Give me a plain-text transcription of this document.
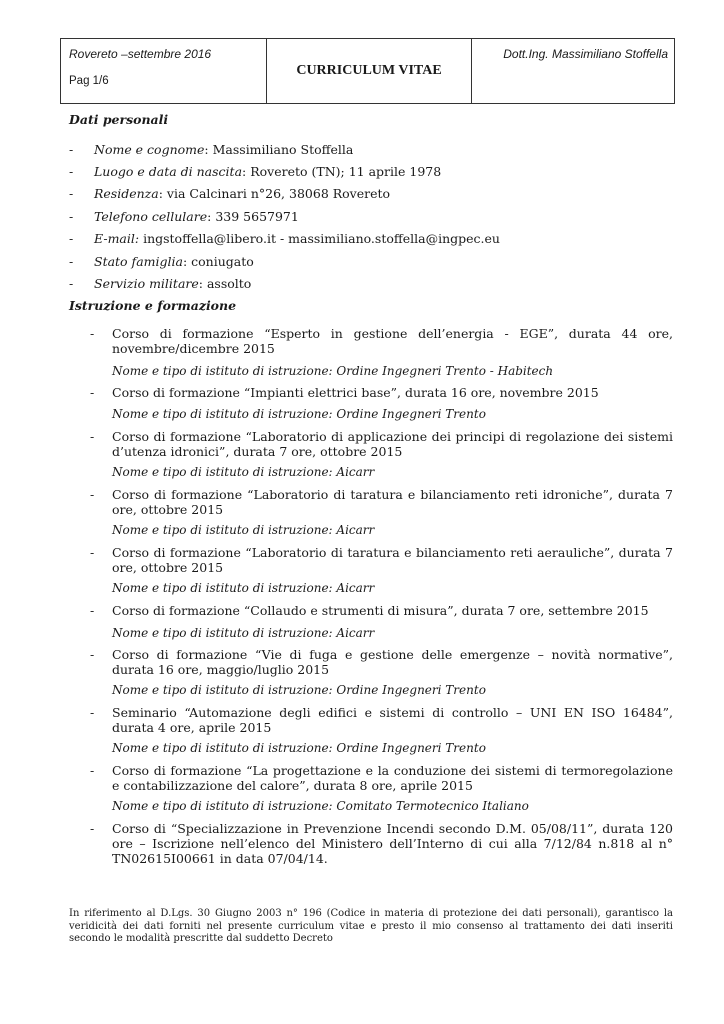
Rovereto –settembre 2016
Pag 1/6
CURRICULUM VITAE
Dott.Ing. Massimiliano Stoffella
Dati personali
- Nome e cognome: Massimiliano Stoffella
- Luogo e data di nascita: Rovereto (TN); 11 aprile 1978
- Residenza: via Calcinari n°26, 38068 Rovereto
- Telefono cellulare: 339 5657971
- E-mail: ingstoffella@libero.it - massimiliano.stoffella@ingpec.eu
- Stato famiglia: coniugato
- Servizio militare: assolto
Istruzione e formazione
- Corso di formazione “Esperto in gestione dell’energia - EGE”, durata 44 ore, novembre/dicembre 2015
Nome e tipo di istituto di istruzione: Ordine Ingegneri Trento - Habitech
- Corso di formazione “Impianti elettrici base”, durata 16 ore, novembre 2015
Nome e tipo di istituto di istruzione: Ordine Ingegneri Trento
- Corso di formazione “Laboratorio di applicazione dei principi di regolazione dei sistemi d’utenza idronici”, durata 7 ore, ottobre 2015
Nome e tipo di istituto di istruzione: Aicarr
- Corso di formazione “Laboratorio di taratura e bilanciamento reti idroniche”, durata 7 ore, ottobre 2015
Nome e tipo di istituto di istruzione: Aicarr
- Corso di formazione “Laboratorio di taratura e bilanciamento reti aerauliche”, durata 7 ore, ottobre 2015
Nome e tipo di istituto di istruzione: Aicarr
- Corso di formazione “Collaudo e strumenti di misura”, durata 7 ore, settembre 2015
Nome e tipo di istituto di istruzione: Aicarr
- Corso di formazione “Vie di fuga e gestione delle emergenze – novità normative”, durata 16 ore, maggio/luglio 2015
Nome e tipo di istituto di istruzione: Ordine Ingegneri Trento
- Seminario “Automazione degli edifici e sistemi di controllo – UNI EN ISO 16484”, durata 4 ore, aprile 2015
Nome e tipo di istituto di istruzione: Ordine Ingegneri Trento
- Corso di formazione “La progettazione e la conduzione dei sistemi di termoregolazione e contabilizzazione del calore”, durata 8 ore, aprile 2015
Nome e tipo di istituto di istruzione: Comitato Termotecnico Italiano
- Corso di “Specializzazione in Prevenzione Incendi secondo D.M. 05/08/11”, durata 120 ore – Iscrizione nell’elenco del Ministero dell’Interno di cui alla 7/12/84 n.818 al n° TN02615I00661 in data 07/04/14.
In riferimento al D.Lgs. 30 Giugno 2003 n° 196 (Codice in materia di protezione dei dati personali), garantisco la veridicità dei dati forniti nel presente curriculum vitae e presto il mio consenso al trattamento dei dati inseriti secondo le modalità prescritte dal suddetto Decreto
